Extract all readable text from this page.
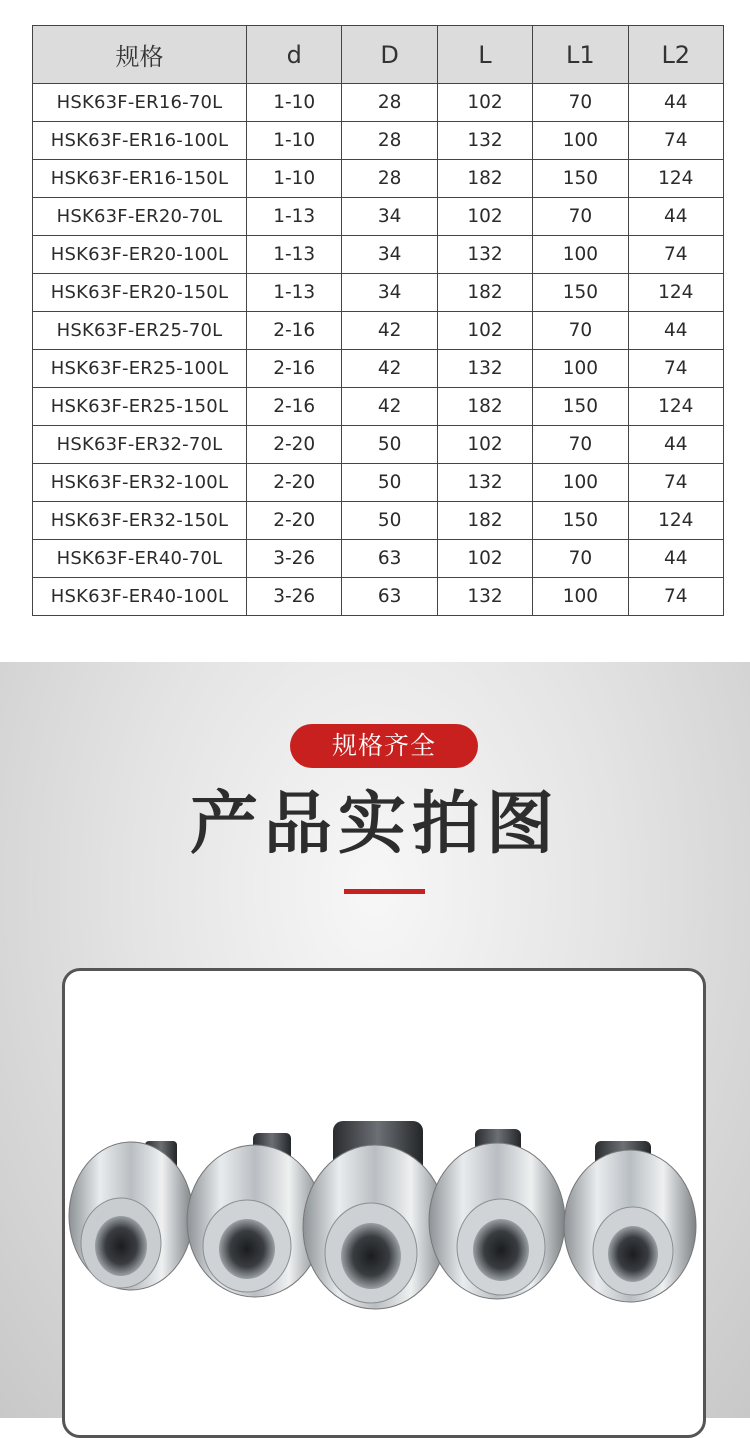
规格	d	D	L	L1	L2
HSK63F-ER16-70L	1-10	28	102	70	44
HSK63F-ER16-100L	1-10	28	132	100	74
HSK63F-ER16-150L	1-10	28	182	150	124
HSK63F-ER20-70L	1-13	34	102	70	44
HSK63F-ER20-100L	1-13	34	132	100	74
HSK63F-ER20-150L	1-13	34	182	150	124
HSK63F-ER25-70L	2-16	42	102	70	44
HSK63F-ER25-100L	2-16	42	132	100	74
HSK63F-ER25-150L	2-16	42	182	150	124
HSK63F-ER32-70L	2-20	50	102	70	44
HSK63F-ER32-100L	2-20	50	132	100	74
HSK63F-ER32-150L	2-20	50	182	150	124
HSK63F-ER40-70L	3-26	63	102	70	44
HSK63F-ER40-100L	3-26	63	132	100	74
规格齐全
产品实拍图
